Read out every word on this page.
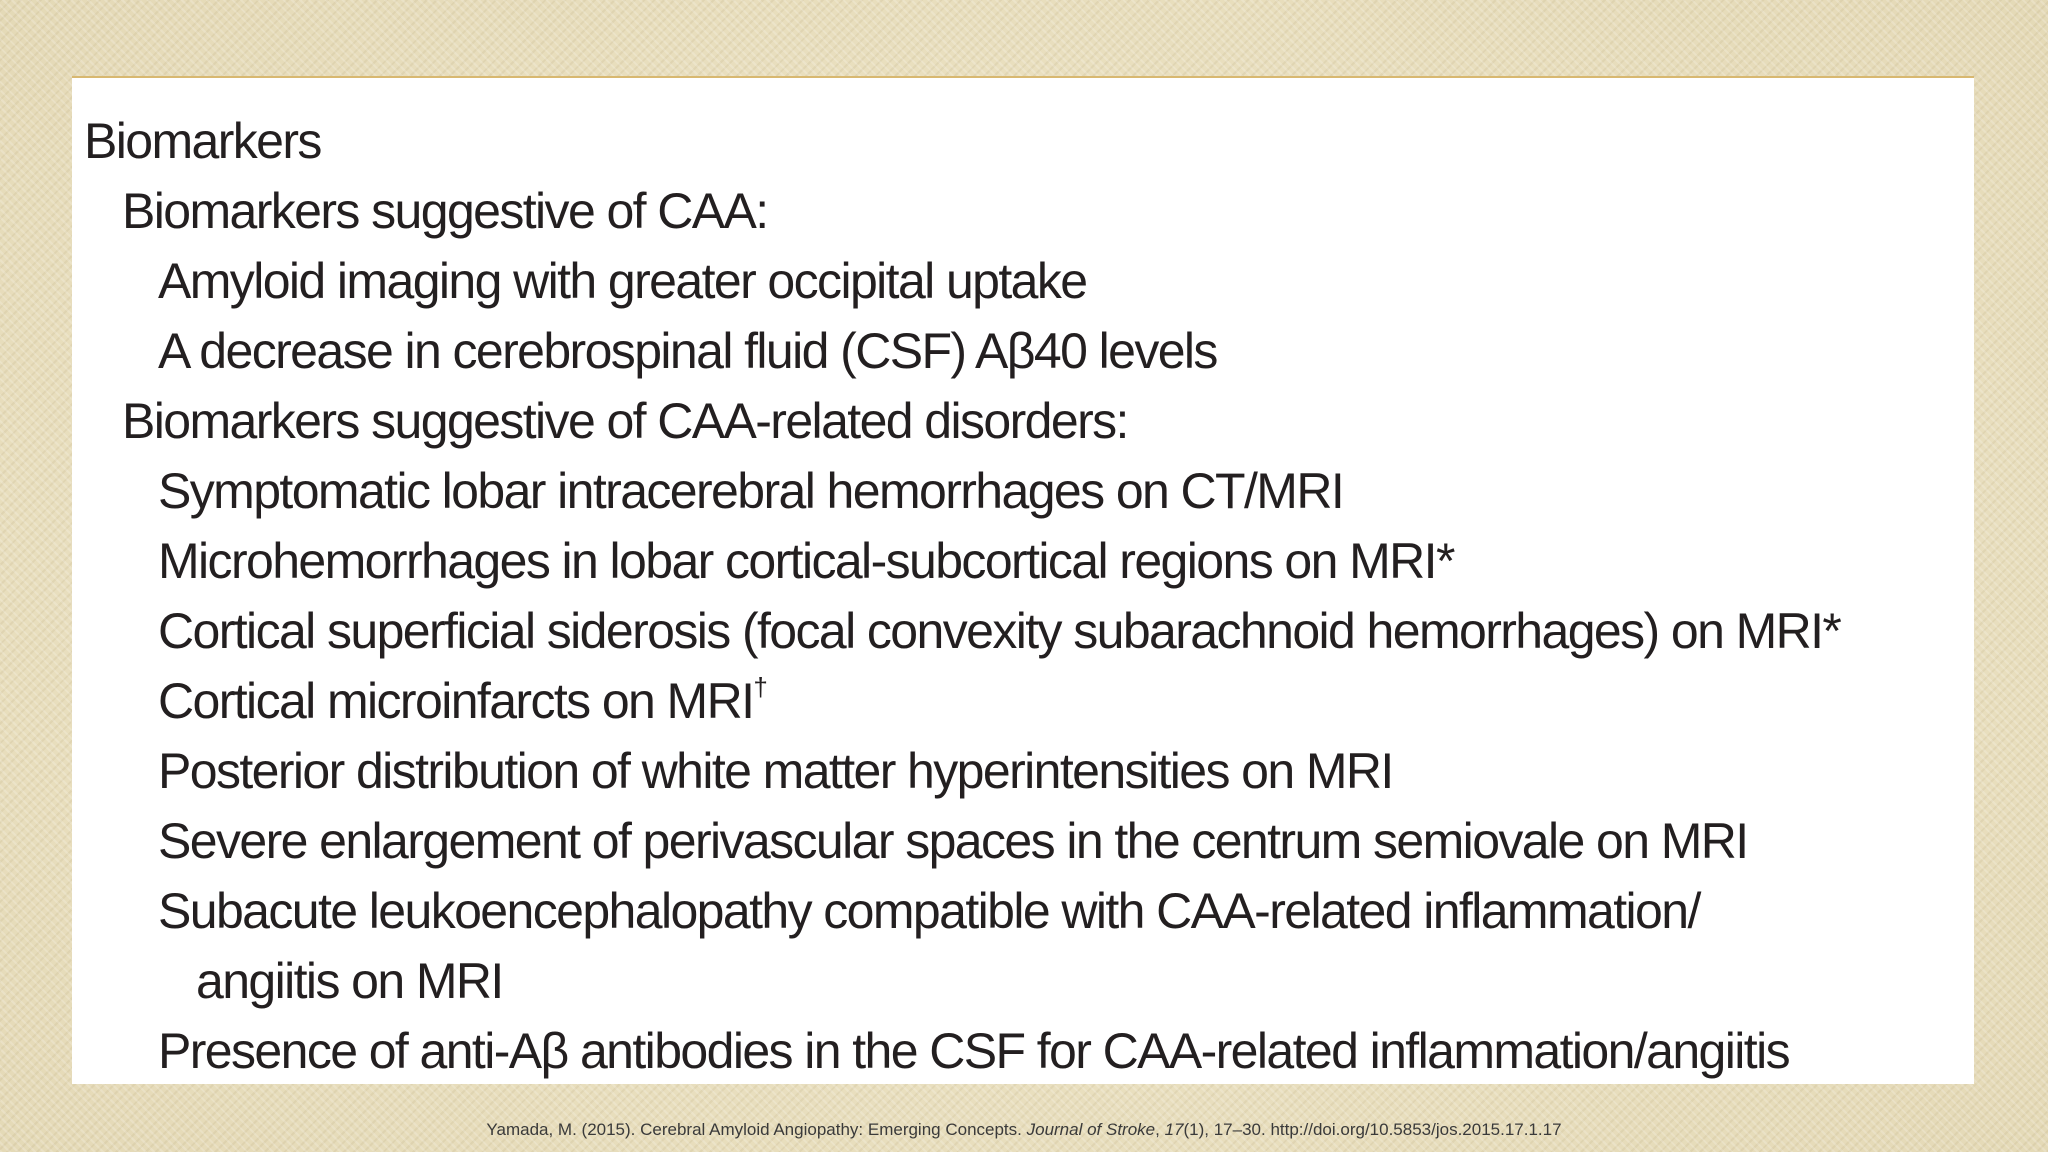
Biomarkers
Biomarkers suggestive of CAA:
Amyloid imaging with greater occipital uptake
A decrease in cerebrospinal fluid (CSF) Aβ40 levels
Biomarkers suggestive of CAA-related disorders:
Symptomatic lobar intracerebral hemorrhages on CT/MRI
Microhemorrhages in lobar cortical-subcortical regions on MRI*
Cortical superficial siderosis (focal convexity subarachnoid hemorrhages) on MRI*
Cortical microinfarcts on MRI†
Posterior distribution of white matter hyperintensities on MRI
Severe enlargement of perivascular spaces in the centrum semiovale on MRI
Subacute leukoencephalopathy compatible with CAA-related inflammation/
angiitis on MRI
Presence of anti-Aβ antibodies in the CSF for CAA-related inflammation/angiitis
Yamada, M. (2015). Cerebral Amyloid Angiopathy: Emerging Concepts. Journal of Stroke, 17(1), 17–30. http://doi.org/10.5853/jos.2015.17.1.17
